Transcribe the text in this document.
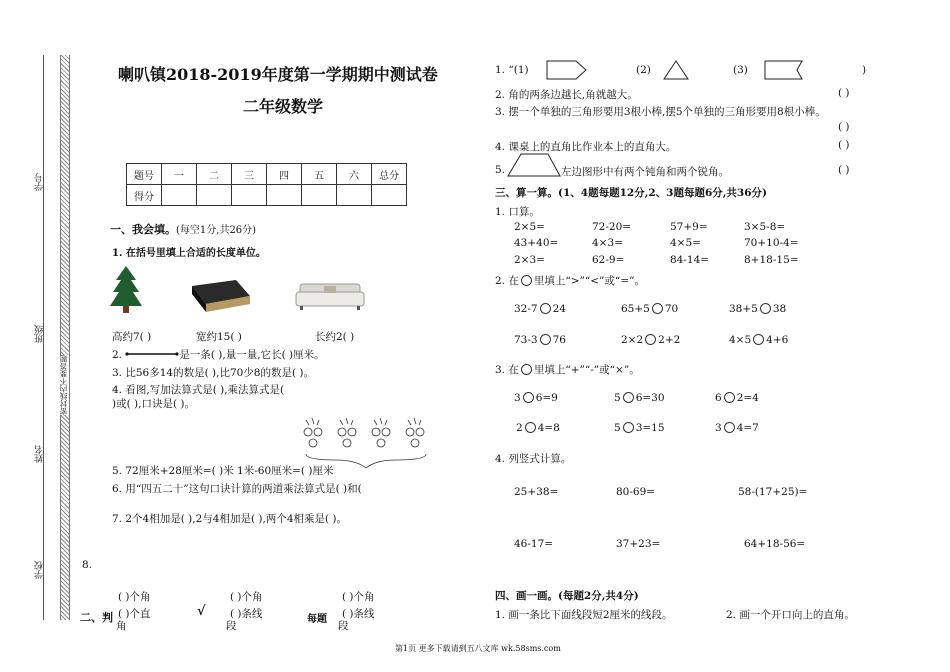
学号
班级
姓名
学校
密封线内不要答题
喇叭镇2018-2019年度第一学期期中测试卷
二年级数学
题号	一	二	三	四	五	六	总分
得分							
一、我会填。(每空1分,共26分)
1. 在括号里填上合适的长度单位。
高约7( )	宽约15( )	长约2( )
2.	是一条( ),量一量,它长( )厘米。
3. 比56多14的数是( ),比70少8的数是( )。
4. 看图,写加法算式是( ),乘法算式是(
)或( ),口诀是( )。
5. 72厘米+28厘米=( )米 1米-60厘米=( )厘米
6. 用“四五二十”这句口诀计算的两道乘法算式是( )和(
7. 2个4相加是( ),2与4相加是( ),两个4相乘是( )。
8.
( )个角	( )个角	( )个角
( )个直	√ ( )条线	每题 ( )条线
角	段	段
二、判
1. “(1)	(2)	(3)	)
2. 角的两条边越长,角就越大。	( )
3. 摆一个单独的三角形要用3根小棒,摆5个单独的三角形要用8根小棒。
( )
4. 课桌上的直角比作业本上的直角大。	( )
5.	左边图形中有两个钝角和两个锐角。	( )
三、算一算。(1、4题每题12分,2、3题每题6分,共36分)
1. 口算。
2×5=	72-20=	57+9=	3×5-8=
43+40=	4×3=	4×5=	70+10-4=
2×3=	62-9=	84-14=	8+18-15=
2. 在 里填上“>”“<”或“=”。
32-7 24	65+5 70	38+5 38
73-3 76	2×2 2+2	4×5 4+6
3. 在 里填上“+”“-”或“×”。
3 6=9	5 6=30	6 2=4
2 4=8	5 3=15	3 4=7
4. 列竖式计算。
25+38=	80-69=	58-(17+25)=
46-17=	37+23=	64+18-56=
四、画一画。(每题2分,共4分)
1. 画一条比下面线段短2厘米的线段。	2. 画一个开口向上的直角。
第1页 更多下载请到五八文库 wk.58sms.com
